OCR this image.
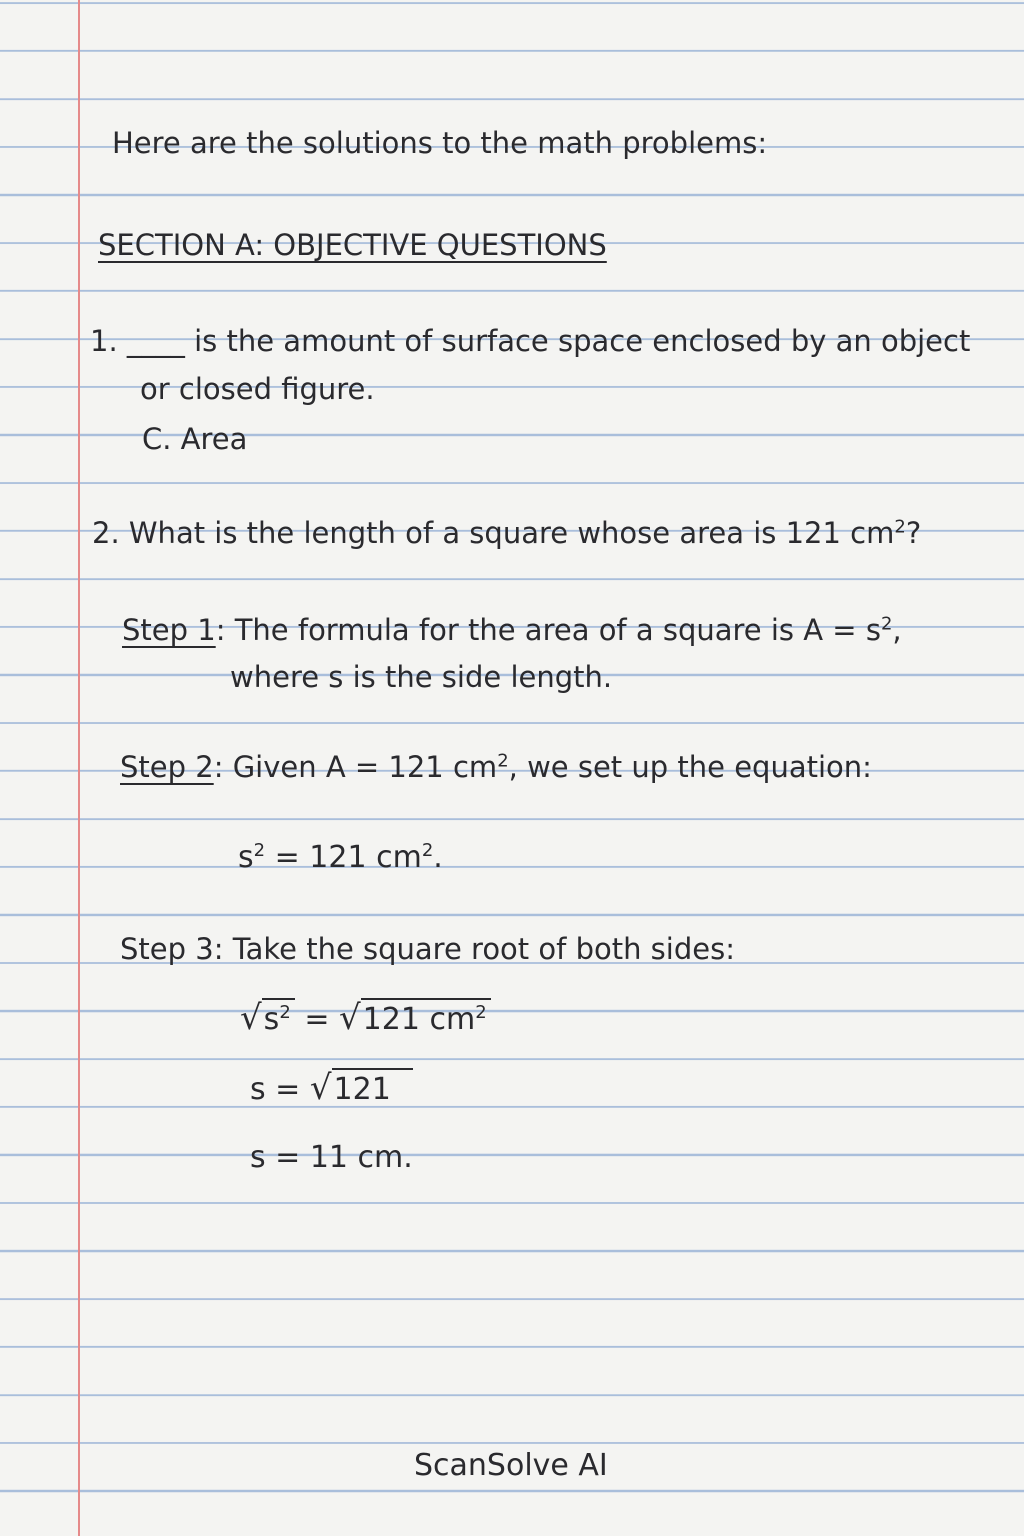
Here are the solutions to the math problems:
SECTION A: OBJECTIVE QUESTIONS
1. ____ is the amount of surface space enclosed by an object
or closed figure.
C. Area
2. What is the length of a square whose area is 121 $cm^2$?
Step 1: The formula for the area of a square is $A = s^2$,
where s is the side length.
Step 2: Given A = 121 $cm^2$, we set up the equation:
$s^2 = 121$ $cm^2$.
Step 3: Take the square root of both sides:
$√s^2 = √121$ $cm^2$
s = √121
s = 11 cm.
ScanSolve AI
